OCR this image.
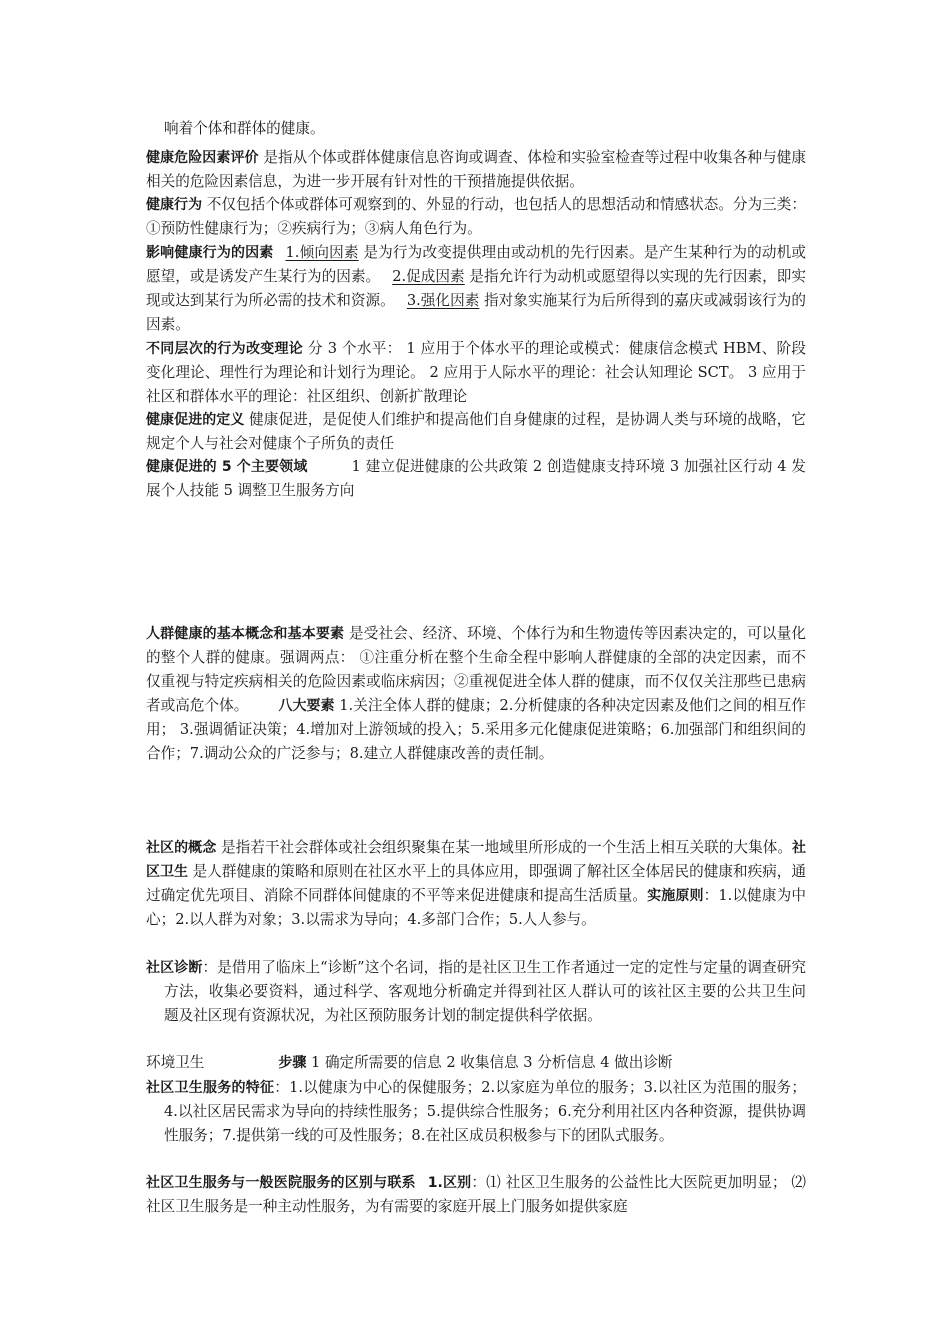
响着个体和群体的健康。
健康危险因素评价 是指从个体或群体健康信息咨询或调查、体检和实验室检查等过程中收集各种与健康相关的危险因素信息，为进一步开展有针对性的干预措施提供依据。
健康行为 不仅包括个体或群体可观察到的、外显的行动，也包括人的思想活动和情感状态。分为三类：①预防性健康行为；②疾病行为；③病人角色行为。
影响健康行为的因素 1.倾向因素 是为行为改变提供理由或动机的先行因素。是产生某种行为的动机或愿望，或是诱发产生某行为的因素。 2.促成因素 是指允许行为动机或愿望得以实现的先行因素，即实现或达到某行为所必需的技术和资源。 3.强化因素 指对象实施某行为后所得到的嘉庆或减弱该行为的因素。
不同层次的行为改变理论 分 3 个水平： 1 应用于个体水平的理论或模式：健康信念模式 HBM、阶段变化理论、理性行为理论和计划行为理论。 2 应用于人际水平的理论：社会认知理论 SCT。 3 应用于社区和群体水平的理论：社区组织、创新扩散理论
健康促进的定义 健康促进，是促使人们维护和提高他们自身健康的过程，是协调人类与环境的战略，它规定个人与社会对健康个子所负的责任
健康促进的 5 个主要领域	1 建立促进健康的公共政策 2 创造健康支持环境 3 加强社区行动 4 发展个人技能 5 调整卫生服务方向
人群健康的基本概念和基本要素 是受社会、经济、环境、个体行为和生物遗传等因素决定的，可以量化的整个人群的健康。强调两点： ①注重分析在整个生命全程中影响人群健康的全部的决定因素，而不仅重视与特定疾病相关的危险因素或临床病因；②重视促进全体人群的健康，而不仅仅关注那些已患病者或高危个体。 八大要素 1.关注全体人群的健康；2.分析健康的各种决定因素及他们之间的相互作用； 3.强调循证决策；4.增加对上游领域的投入；5.采用多元化健康促进策略；6.加强部门和组织间的合作；7.调动公众的广泛参与；8.建立人群健康改善的责任制。
社区的概念 是指若干社会群体或社会组织聚集在某一地域里所形成的一个生活上相互关联的大集体。社区卫生 是人群健康的策略和原则在社区水平上的具体应用，即强调了解社区全体居民的健康和疾病，通过确定优先项目、消除不同群体间健康的不平等来促进健康和提高生活质量。实施原则：1.以健康为中心；2.以人群为对象；3.以需求为导向；4.多部门合作；5.人人参与。
社区诊断：是借用了临床上“诊断”这个名词，指的是社区卫生工作者通过一定的定性与定量的调查研究方法，收集必要资料，通过科学、客观地分析确定并得到社区人群认可的该社区主要的公共卫生问题及社区现有资源状况，为社区预防服务计划的制定提供科学依据。
环境卫生	步骤 1 确定所需要的信息 2 收集信息 3 分析信息 4 做出诊断
社区卫生服务的特征：1.以健康为中心的保健服务；2.以家庭为单位的服务；3.以社区为范围的服务；4.以社区居民需求为导向的持续性服务；5.提供综合性服务；6.充分利用社区内各种资源，提供协调性服务；7.提供第一线的可及性服务；8.在社区成员积极参与下的团队式服务。
社区卫生服务与一般医院服务的区别与联系 1.区别：⑴ 社区卫生服务的公益性比大医院更加明显； ⑵ 社区卫生服务是一种主动性服务，为有需要的家庭开展上门服务如提供家庭
